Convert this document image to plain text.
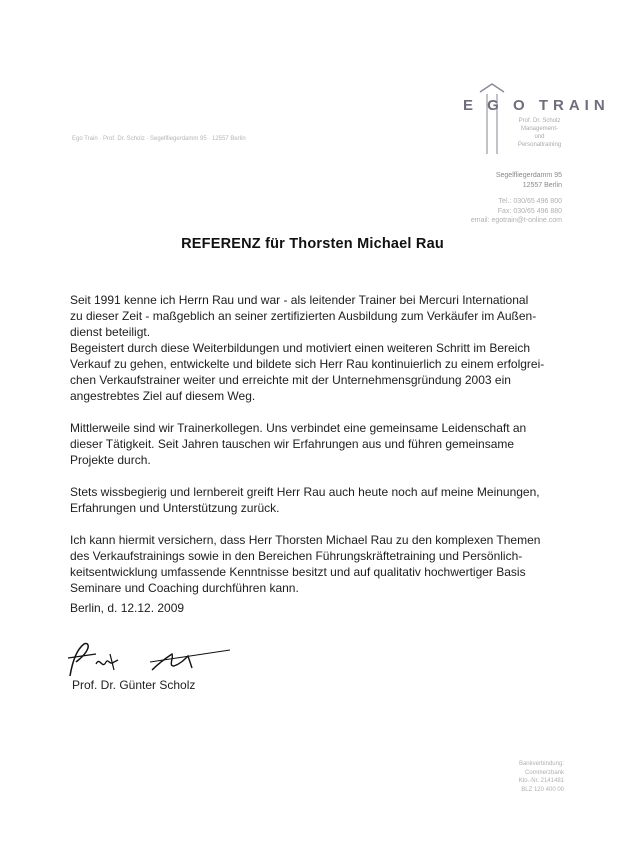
E G O TRAIN
Prof. Dr. Scholz
Management-
und
Personaltraining
Segelfliegerdamm 95
12557 Berlin
Tel.: 030/65 496 800
Fax: 030/65 496 880
email: egotrain@t-online.com
Ego Train · Prof. Dr. Scholz · Segelfliegerdamm 95 · 12557 Berlin
REFERENZ für Thorsten Michael Rau

Seit 1991 kenne ich Herrn Rau und war - als leitender Trainer bei Mercuri International

zu dieser Zeit - maßgeblich an seiner zertifizierten Ausbildung zum Verkäufer im Außen-

dienst beteiligt.

Begeistert durch diese Weiterbildungen und motiviert einen weiteren Schritt im Bereich

Verkauf zu gehen, entwickelte und bildete sich Herr Rau kontinuierlich zu einem erfolgrei-

chen Verkaufstrainer weiter und erreichte mit der Unternehmensgründung 2003 ein

angestrebtes Ziel auf diesem Weg.

Mittlerweile sind wir Trainerkollegen. Uns verbindet eine gemeinsame Leidenschaft an

dieser Tätigkeit. Seit Jahren tauschen wir Erfahrungen aus und führen gemeinsame

Projekte durch.

Stets wissbegierig und lernbereit greift Herr Rau auch heute noch auf meine Meinungen,

Erfahrungen und Unterstützung zurück.

Ich kann hiermit versichern, dass Herr Thorsten Michael Rau zu den komplexen Themen

des Verkaufstrainings sowie in den Bereichen Führungskräftetraining und Persönlich-

keitsentwicklung umfassende Kenntnisse besitzt und auf qualitativ hochwertiger Basis

Seminare und Coaching durchführen kann.

Berlin, d. 12.12. 2009
Prof. Dr. Günter Scholz
Bankverbindung:
Commerzbank
Kto.-Nr. 2141481
BLZ 120 400 00
